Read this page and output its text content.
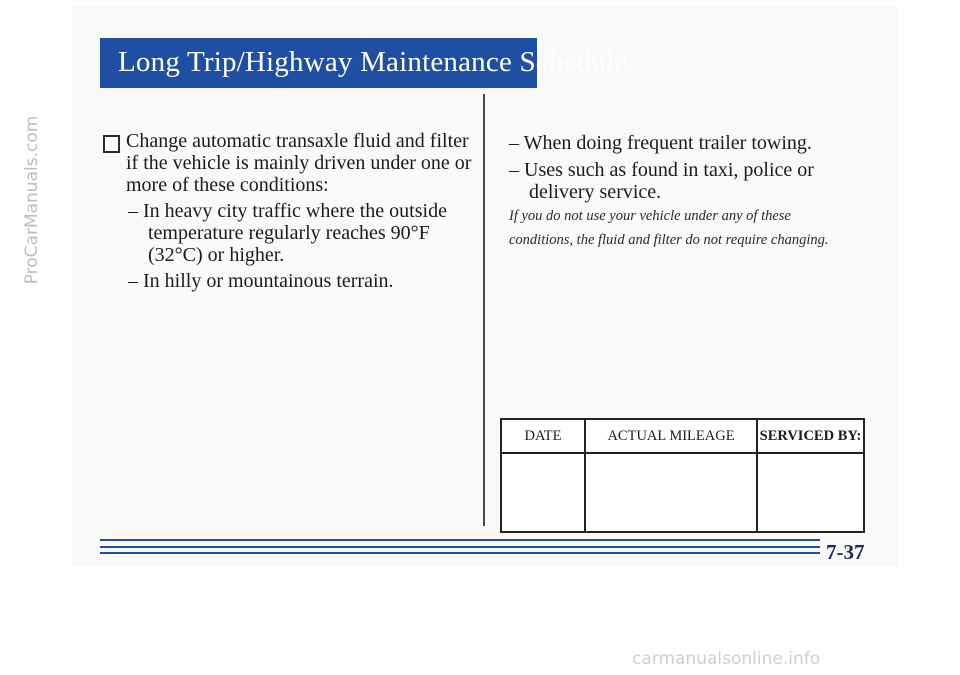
Long Trip/Highway Maintenance Schedule
ProCarManuals.com	Change automatic transaxle fluid and filter
if the vehicle is mainly driven under one or
more of these conditions:
– In heavy city traffic where the outside
temperature regularly reaches 90°F
(32°C) or higher.
– In hilly or mountainous terrain.
– When doing frequent trailer towing.
– Uses such as found in taxi, police or
delivery service.
If you do not use your vehicle under any of these
conditions, the fluid and filter do not require changing.
DATE	ACTUAL MILEAGE	SERVICED BY:

7-37
carmanualsonline.info
